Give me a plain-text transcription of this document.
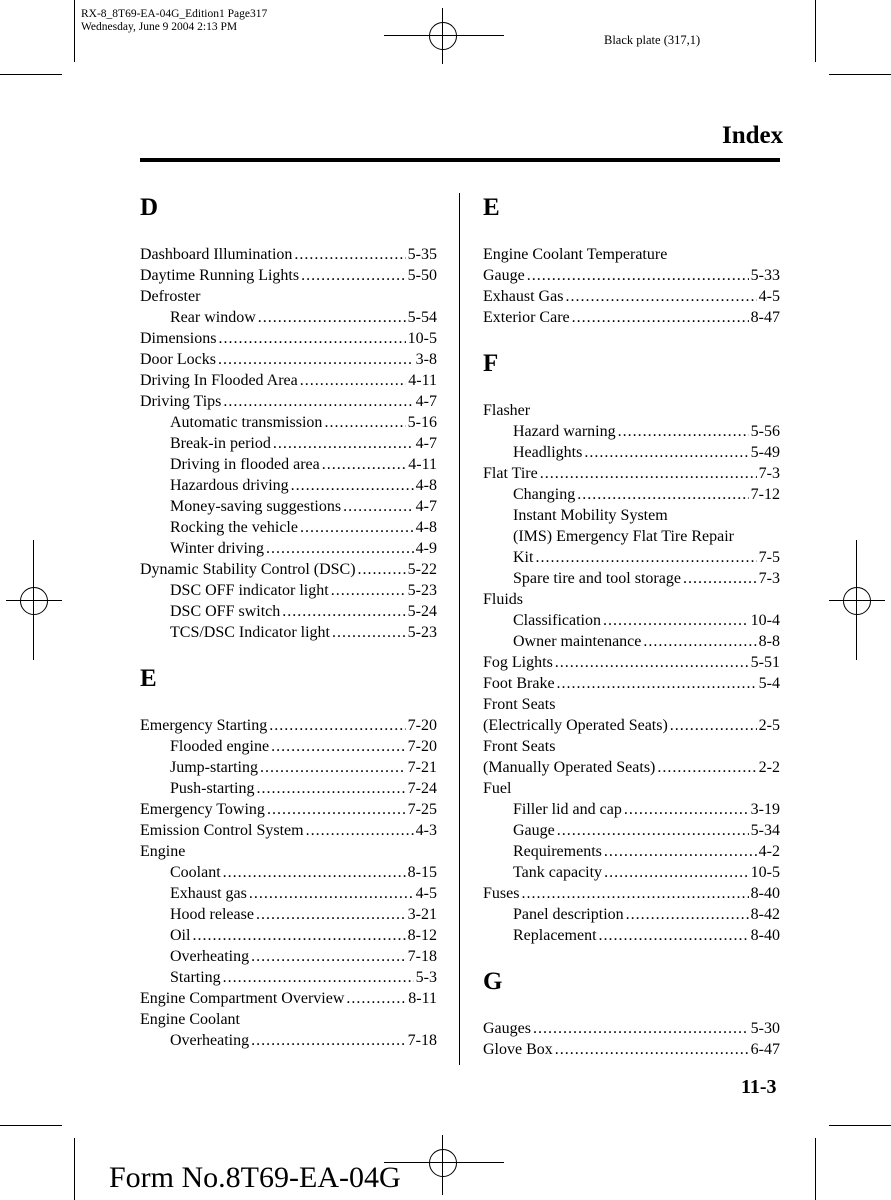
RX-8_8T69-EA-04G_Edition1 Page317
Wednesday, June 9 2004 2:13 PM
Black plate (317,1)
Index
D
Dashboard Illumination .....	5-35
Daytime Running Lights .....	5-50
Defroster
Rear window .....	5-54
Dimensions .....	10-5
Door Locks .....	3-8
Driving In Flooded Area .....	4-11
Driving Tips .....	4-7
Automatic transmission .....	5-16
Break-in period .....	4-7
Driving in flooded area .....	4-11
Hazardous driving .....	4-8
Money-saving suggestions .....	4-7
Rocking the vehicle .....	4-8
Winter driving .....	4-9
Dynamic Stability Control (DSC) .....	5-22
DSC OFF indicator light .....	5-23
DSC OFF switch .....	5-24
TCS/DSC Indicator light .....	5-23
E
Emergency Starting .....	7-20
Flooded engine .....	7-20
Jump-starting .....	7-21
Push-starting .....	7-24
Emergency Towing .....	7-25
Emission Control System .....	4-3
Engine
Coolant .....	8-15
Exhaust gas .....	4-5
Hood release .....	3-21
Oil .....	8-12
Overheating .....	7-18
Starting .....	5-3
Engine Compartment Overview .....	8-11
Engine Coolant
Overheating .....	7-18
E
Engine Coolant Temperature
Gauge .....	5-33
Exhaust Gas .....	4-5
Exterior Care .....	8-47
F
Flasher
Hazard warning .....	5-56
Headlights .....	5-49
Flat Tire .....	7-3
Changing .....	7-12
Instant Mobility System
(IMS) Emergency Flat Tire Repair
Kit .....	7-5
Spare tire and tool storage .....	7-3
Fluids
Classification .....	10-4
Owner maintenance .....	8-8
Fog Lights .....	5-51
Foot Brake .....	5-4
Front Seats
(Electrically Operated Seats) .....	2-5
Front Seats
(Manually Operated Seats) .....	2-2
Fuel
Filler lid and cap .....	3-19
Gauge .....	5-34
Requirements .....	4-2
Tank capacity .....	10-5
Fuses .....	8-40
Panel description .....	8-42
Replacement .....	8-40
G
Gauges .....	5-30
Glove Box .....	6-47
11-3
Form No.8T69-EA-04G
